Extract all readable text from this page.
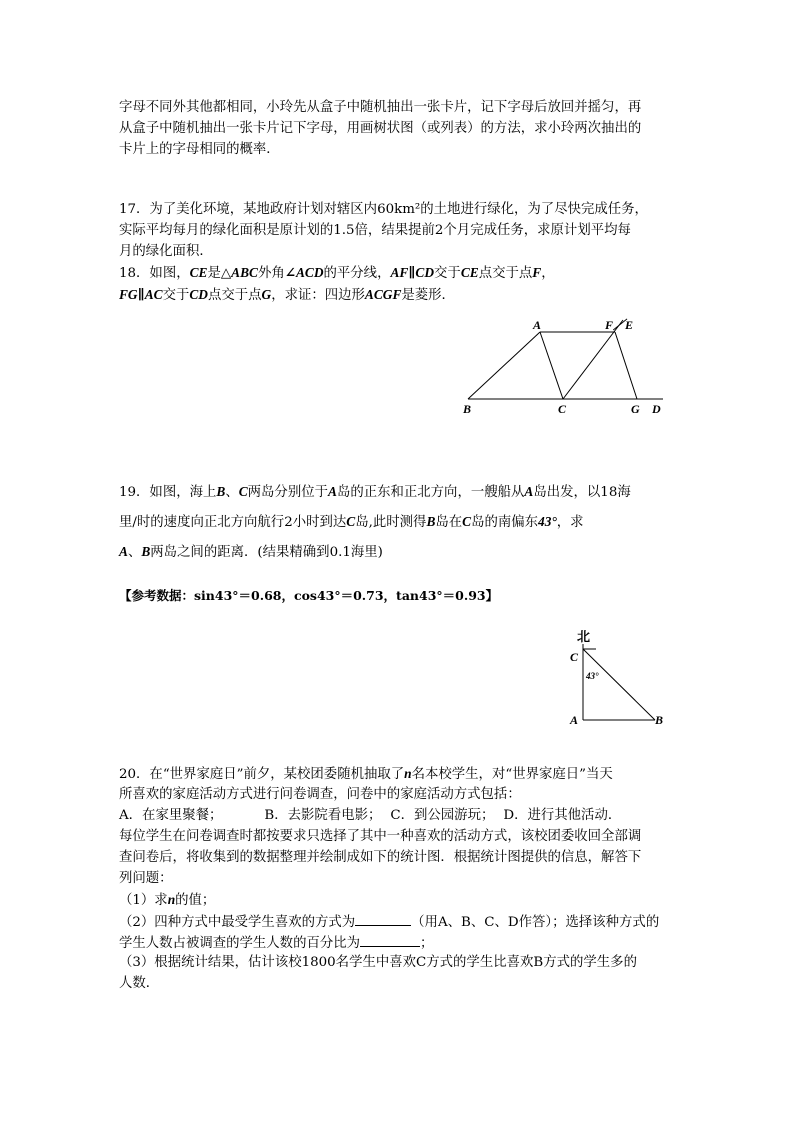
字母不同外其他都相同，小玲先从盒子中随机抽出一张卡片，记下字母后放回并摇匀，再
从盒子中随机抽出一张卡片记下字母，用画树状图（或列表）的方法，求小玲两次抽出的
卡片上的字母相同的概率．
17．为了美化环境，某地政府计划对辖区内60km²的土地进行绿化，为了尽快完成任务，
实际平均每月的绿化面积是原计划的1.5倍，结果提前2个月完成任务，求原计划平均每
月的绿化面积．
18．如图，CE是△ABC外角∠ACD的平分线，AF∥CD交于CE点交于点F，
FG∥AC交于CD点交于点G，求证：四边形ACGF是菱形．
A	F／E
B	C	G D
19．如图，海上B、C两岛分别位于A岛的正东和正北方向，一艘船从A岛出发，以18海
里/时的速度向正北方向航行2小时到达C岛,此时测得B岛在C岛的南偏东43°，求
A、B两岛之间的距离．(结果精确到0.1海里)
【参考数据：sin43°＝0.68，cos43°＝0.73，tan43°＝0.93】
北
C
A	B
43°
20．在“世界家庭日”前夕，某校团委随机抽取了n名本校学生，对“世界家庭日”当天
所喜欢的家庭活动方式进行问卷调查，问卷中的家庭活动方式包括：
A．在家里聚餐；	B．去影院看电影； C．到公园游玩； D．进行其他活动．
每位学生在问卷调查时都按要求只选择了其中一种喜欢的活动方式，该校团委收回全部调
查问卷后，将收集到的数据整理并绘制成如下的统计图．根据统计图提供的信息，解答下
列问题：
（1）求n的值；
（2）四种方式中最受学生喜欢的方式为	（用A、B、C、D作答）；选择该种方式的
学生人数占被调查的学生人数的百分比为	；
（3）根据统计结果，估计该校1800名学生中喜欢C方式的学生比喜欢B方式的学生多的
人数．
